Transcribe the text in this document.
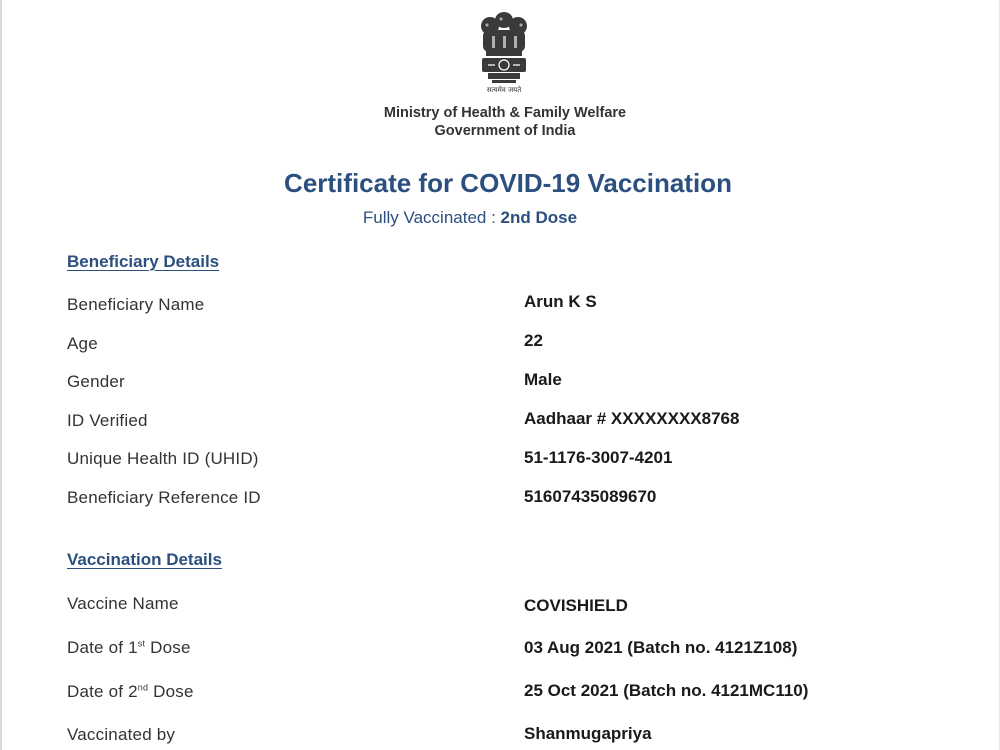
सत्यमेव जयते
Ministry of Health & Family Welfare
Government of India
Certificate for COVID-19 Vaccination
Fully Vaccinated : 2nd Dose
Beneficiary Details
Beneficiary Name	Arun K S
Age	22
Gender	Male
ID Verified	Aadhaar # XXXXXXXX8768
Unique Health ID (UHID)	51-1176-3007-4201
Beneficiary Reference ID	51607435089670
Vaccination Details
Vaccine Name	COVISHIELD
Date of 1st Dose	03 Aug 2021 (Batch no. 4121Z108)
Date of 2nd Dose	25 Oct 2021 (Batch no. 4121MC110)
Vaccinated by	Shanmugapriya
